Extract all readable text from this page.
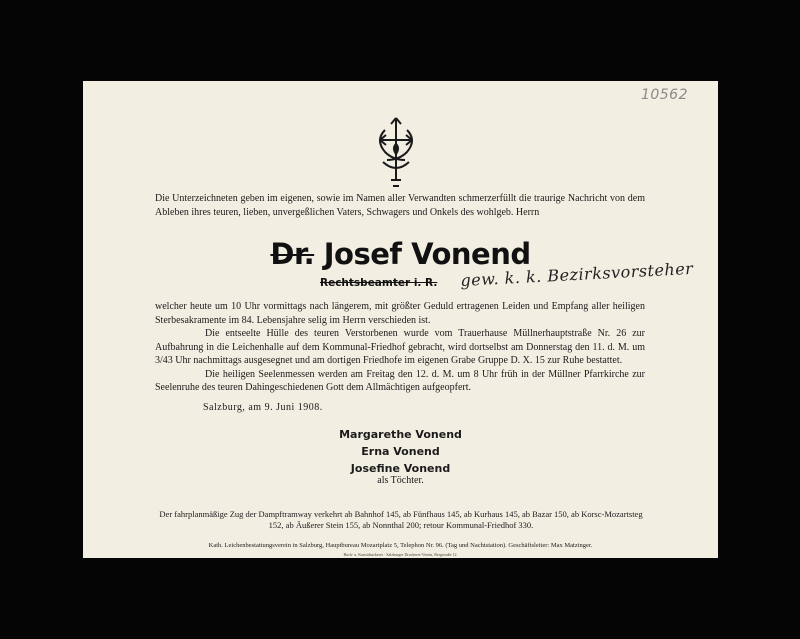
10562
Die Unterzeichneten geben im eigenen, sowie im Namen aller Verwandten schmerzerfüllt die traurige Nachricht von dem Ableben ihres teuren, lieben, unvergeßlichen Vaters, Schwagers und Onkels des wohlgeb. Herrn
Dr. Josef Vonend
Rechtsbeamter i. R. gew. k. k. Bezirksvorsteher

welcher heute um 10 Uhr vormittags nach längerem, mit größter Geduld ertragenen Leiden und Empfang aller heiligen Sterbesakramente im 84. Lebensjahre selig im Herrn verschieden ist.

Die entseelte Hülle des teuren Verstorbenen wurde vom Trauerhause Müllnerhauptstraße Nr. 26 zur Aufbahrung in die Leichenhalle auf dem Kommunal-Friedhof gebracht, wird dortselbst am Donnerstag den 11. d. M. um 3/43 Uhr nachmittags ausgesegnet und am dortigen Friedhofe im eigenen Grabe Gruppe D. X. 15 zur Ruhe bestattet.

Die heiligen Seelenmessen werden am Freitag den 12. d. M. um 8 Uhr früh in der Müllner Pfarrkirche zur Seelenruhe des teuren Dahingeschiedenen Gott dem Allmächtigen aufgeopfert.

Salzburg, am 9. Juni 1908.
Margarethe Vonend
Erna Vonend
Josefine Vonend
als Töchter.
Der fahrplanmäßige Zug der Dampftramway verkehrt ab Bahnhof 145, ab Fünfhaus 145, ab Kurhaus 145, ab Bazar 150, ab Korsc-Mozartsteg 152, ab Äußerer Stein 155, ab Nonnthal 200; retour Kommunal-Friedhof 330.
Kath. Leichenbestattungsverein in Salzburg, Hauptbureau Mozartplatz 5, Telephon Nr. 96. (Tag und Nachtstation). Geschäftsleiter: Max Matzinger.
Buch- u. Kunstdruckerei · Salzburger Druckerei-Verein, Bergstraße 12.
